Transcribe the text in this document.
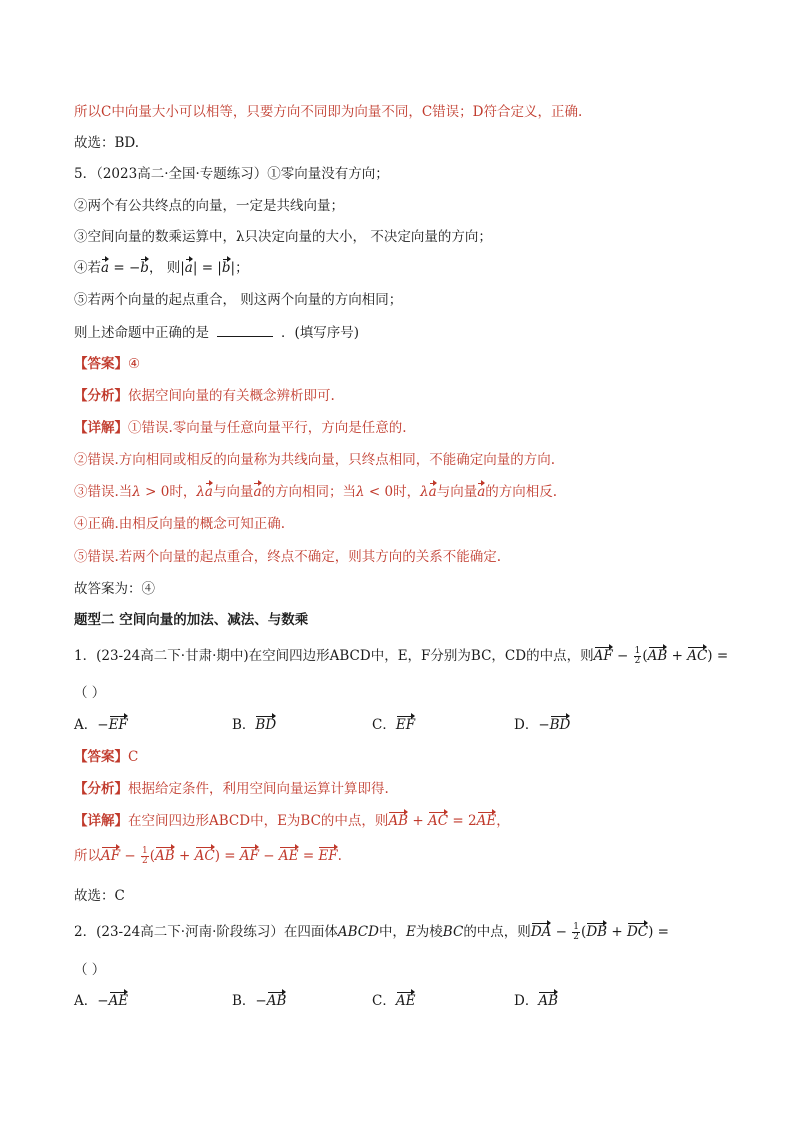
所以C中向量大小可以相等，只要方向不同即为向量不同，C错误；D符合定义，正确.
故选：BD.
5．（2023高二·全国·专题练习）①零向量没有方向；
②两个有公共终点的向量，一定是共线向量；
③空间向量的数乘运算中，λ只决定向量的大小， 不决定向量的方向；
④若a = −b， 则|a| = |b|；
⑤若两个向量的起点重合， 则这两个向量的方向相同；
则上述命题中正确的是	．(填写序号)
【答案】④
【分析】依据空间向量的有关概念辨析即可.
【详解】①错误.零向量与任意向量平行，方向是任意的.
②错误.方向相同或相反的向量称为共线向量，只终点相同，不能确定向量的方向.
③错误.当λ > 0时，λa与向量a的方向相同；当λ < 0时，λa与向量a的方向相反.
④正确.由相反向量的概念可知正确.
⑤错误.若两个向量的起点重合，终点不确定，则其方向的关系不能确定.
故答案为：④
题型二 空间向量的加法、减法、与数乘
1．(23-24高二下·甘肃·期中)在空间四边形ABCD中，E，F分别为BC，CD的中点，则AF − $\frac{1}{2} (AB + AC)$ =
（ ）
A．−EF	B．BD	C．EF	D．−BD
【答案】C
【分析】根据给定条件，利用空间向量运算计算即得.
【详解】在空间四边形ABCD中，E为BC的中点，则AB + AC = 2AE，
所以AF − $\frac{1}{2} (AB + AC)$ = AF − AE = EF.
故选：C
2．(23-24高二下·河南·阶段练习）在四面体ABCD中，E为棱BC的中点，则DA − $\frac{1}{2} (DB + DC)$ =
（ ）
A．−AE	B．−AB	C．AE	D．AB
